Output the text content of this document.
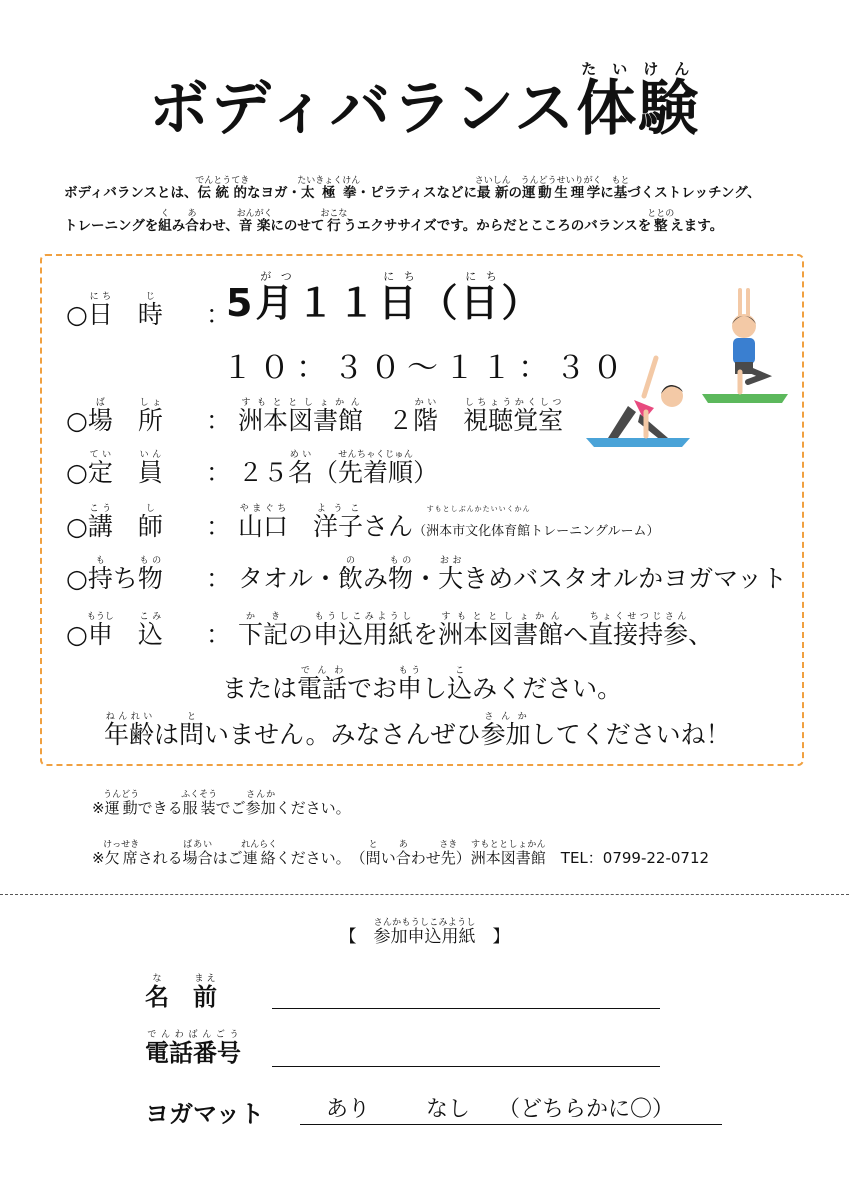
ボディバランス体験たいけん
ボディバランスとは、伝統的でんとうてきなヨガ・太極拳たいきょくけん・ピラティスなどに最新さいしんの運動生理学うんどうせいりがくに基もとづくストレッチング、
トレーニングを組くみ合あわせ、音楽おんがくにのせて行おこなうエクササイズです。からだとこころのバランスを整ととのえます。
○日にち　時じ：
5月がつ１１日にち（日にち）
１０：３０～１１：３０
○場ば　所しょ： 洲本図書館すもととしょかん　２階かい　視聴覚室しちょうかくしつ
○定てい　員いん： ２５名めい（先着順せんちゃくじゅん）
○講こう　師し： 山口やまぐち　洋子ようこさん（洲本市文化体育館すもとしぶんかたいいくかんトレーニングルーム）
○持もち物もの： タオル・飲のみ物もの・大おおきめバスタオルかヨガマット
○申もうし　込こみ： 下記かきの申込用紙もうしこみようしを洲本図書館すもととしょかんへ直接持参ちょくせつじさん、
または電話でんわでお申もうし込こみください。
年齢ねんれいは問といません。みなさんぜひ参加さんかしてくださいね！
※運動うんどうできる服装ふくそうでご参加さんかください。
※欠席けっせきされる場合ばあいはご連絡れんらくください。　（問とい合あわせ先さき）洲本図書館すもととしょかん　TEL：0799-22-0712
【　参加申込用紙さんかもうしこみようし　】
名な　前まえ
電話番号でんわばんごう
ヨガマット	あり	なし （どちらかに〇）
